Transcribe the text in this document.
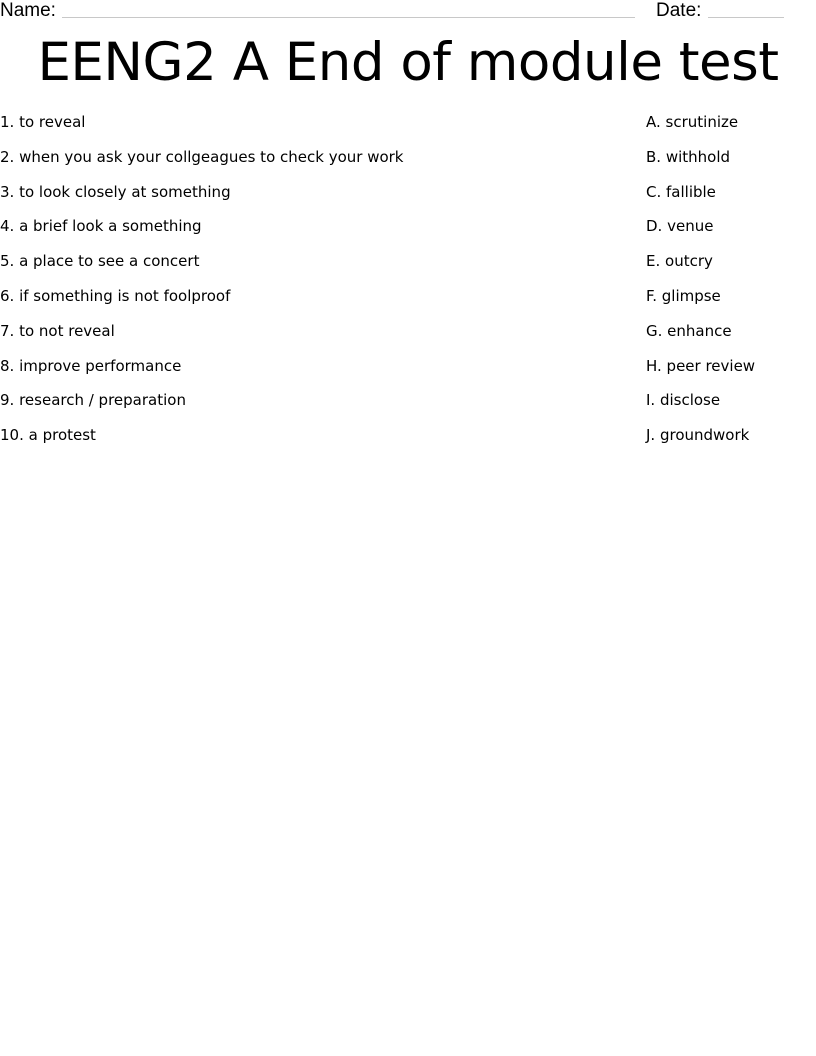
Name:	Date:
EENG2 A End of module test
1. to reveal
2. when you ask your collgeagues to check your work
3. to look closely at something
4. a brief look a something
5. a place to see a concert
6. if something is not foolproof
7. to not reveal
8. improve performance
9. research / preparation
10. a protest
A. scrutinize
B. withhold
C. fallible
D. venue
E. outcry
F. glimpse
G. enhance
H. peer review
I. disclose
J. groundwork
